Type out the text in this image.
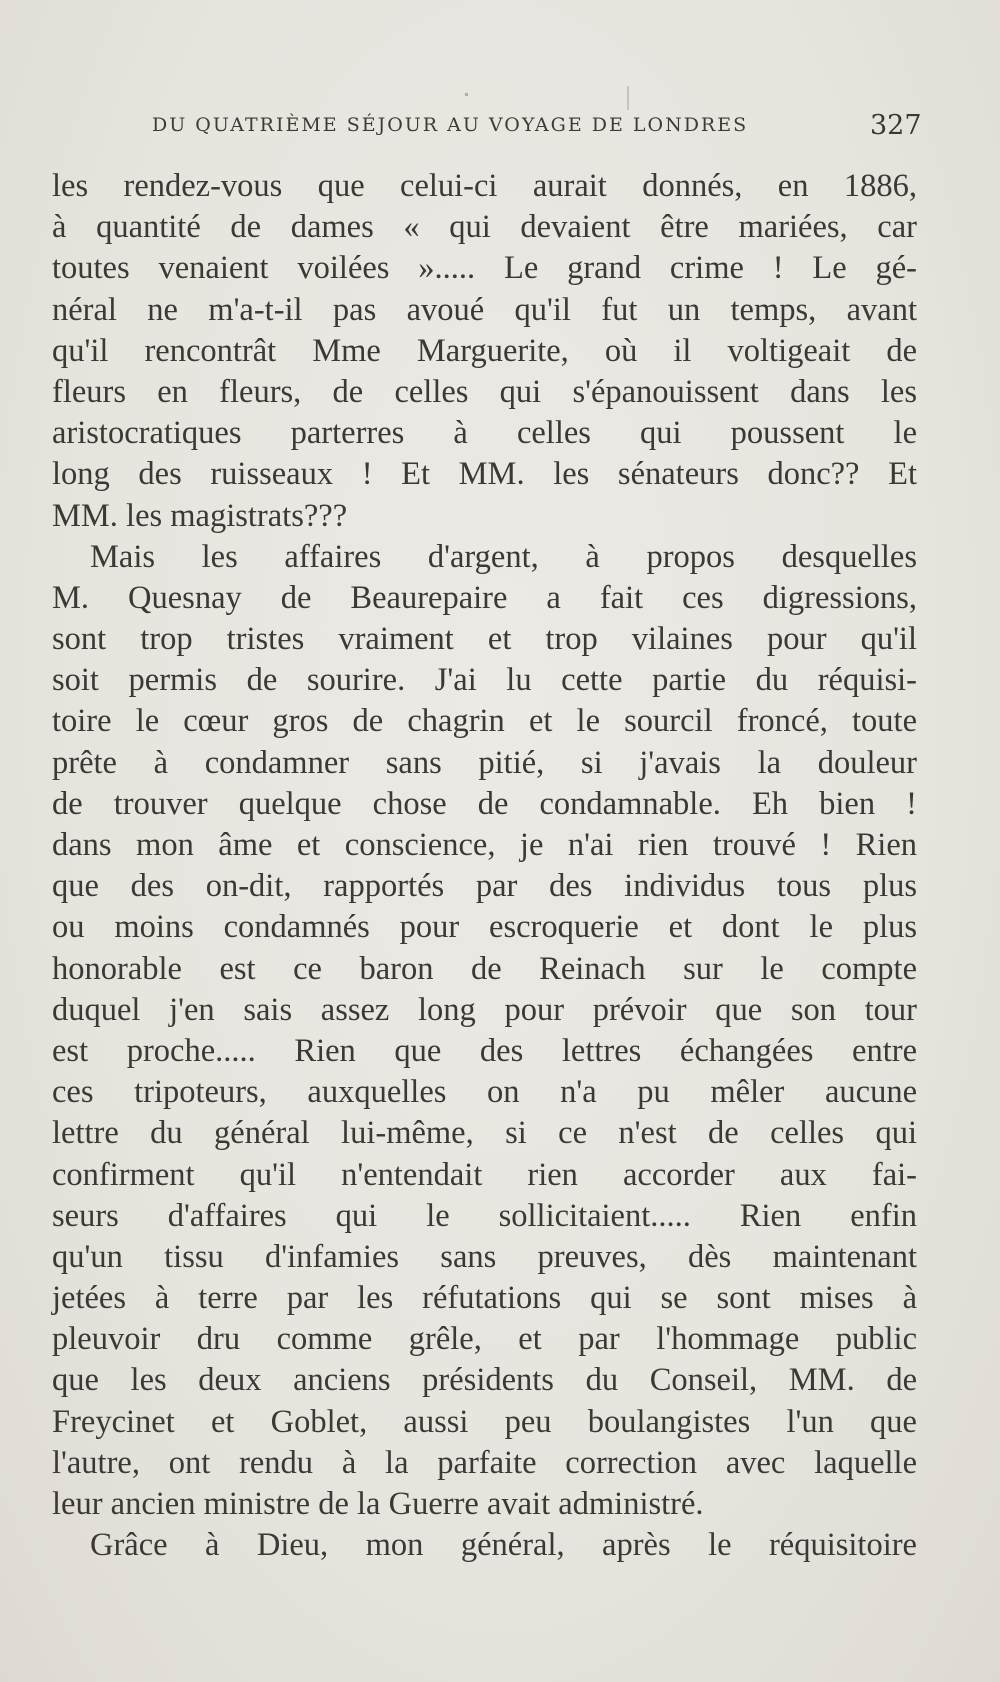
DU QUATRIÈME SÉJOUR AU VOYAGE DE LONDRES	327
les rendez-vous que celui-ci aurait donnés, en 1886,
à quantité de dames « qui devaient être mariées, car
toutes venaient voilées »..... Le grand crime ! Le gé-
néral ne m'a-t-il pas avoué qu'il fut un temps, avant
qu'il rencontrât Mme Marguerite, où il voltigeait de
fleurs en fleurs, de celles qui s'épanouissent dans les
aristocratiques parterres à celles qui poussent le
long des ruisseaux ! Et MM. les sénateurs donc?? Et
MM. les magistrats???
Mais les affaires d'argent, à propos desquelles
M. Quesnay de Beaurepaire a fait ces digressions,
sont trop tristes vraiment et trop vilaines pour qu'il
soit permis de sourire. J'ai lu cette partie du réquisi-
toire le cœur gros de chagrin et le sourcil froncé, toute
prête à condamner sans pitié, si j'avais la douleur
de trouver quelque chose de condamnable. Eh bien !
dans mon âme et conscience, je n'ai rien trouvé ! Rien
que des on-dit, rapportés par des individus tous plus
ou moins condamnés pour escroquerie et dont le plus
honorable est ce baron de Reinach sur le compte
duquel j'en sais assez long pour prévoir que son tour
est proche..... Rien que des lettres échangées entre
ces tripoteurs, auxquelles on n'a pu mêler aucune
lettre du général lui-même, si ce n'est de celles qui
confirment qu'il n'entendait rien accorder aux fai-
seurs d'affaires qui le sollicitaient..... Rien enfin
qu'un tissu d'infamies sans preuves, dès maintenant
jetées à terre par les réfutations qui se sont mises à
pleuvoir dru comme grêle, et par l'hommage public
que les deux anciens présidents du Conseil, MM. de
Freycinet et Goblet, aussi peu boulangistes l'un que
l'autre, ont rendu à la parfaite correction avec laquelle
leur ancien ministre de la Guerre avait administré.
Grâce à Dieu, mon général, après le réquisitoire
